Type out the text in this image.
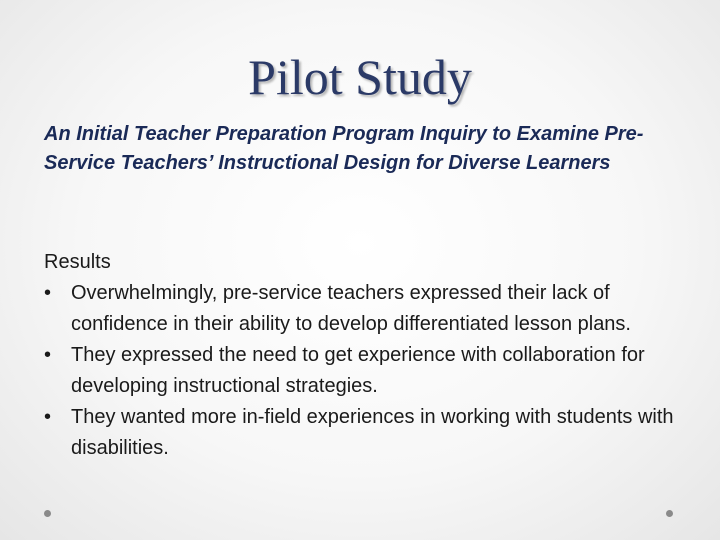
Pilot Study
An Initial Teacher Preparation Program Inquiry to Examine Pre-Service Teachers’ Instructional Design for Diverse Learners
Results
• Overwhelmingly, pre-service teachers expressed their lack of confidence in their ability to develop differentiated lesson plans.
• They expressed the need to get experience with collaboration for developing instructional strategies.
• They wanted more in-field experiences in working with students with disabilities.
